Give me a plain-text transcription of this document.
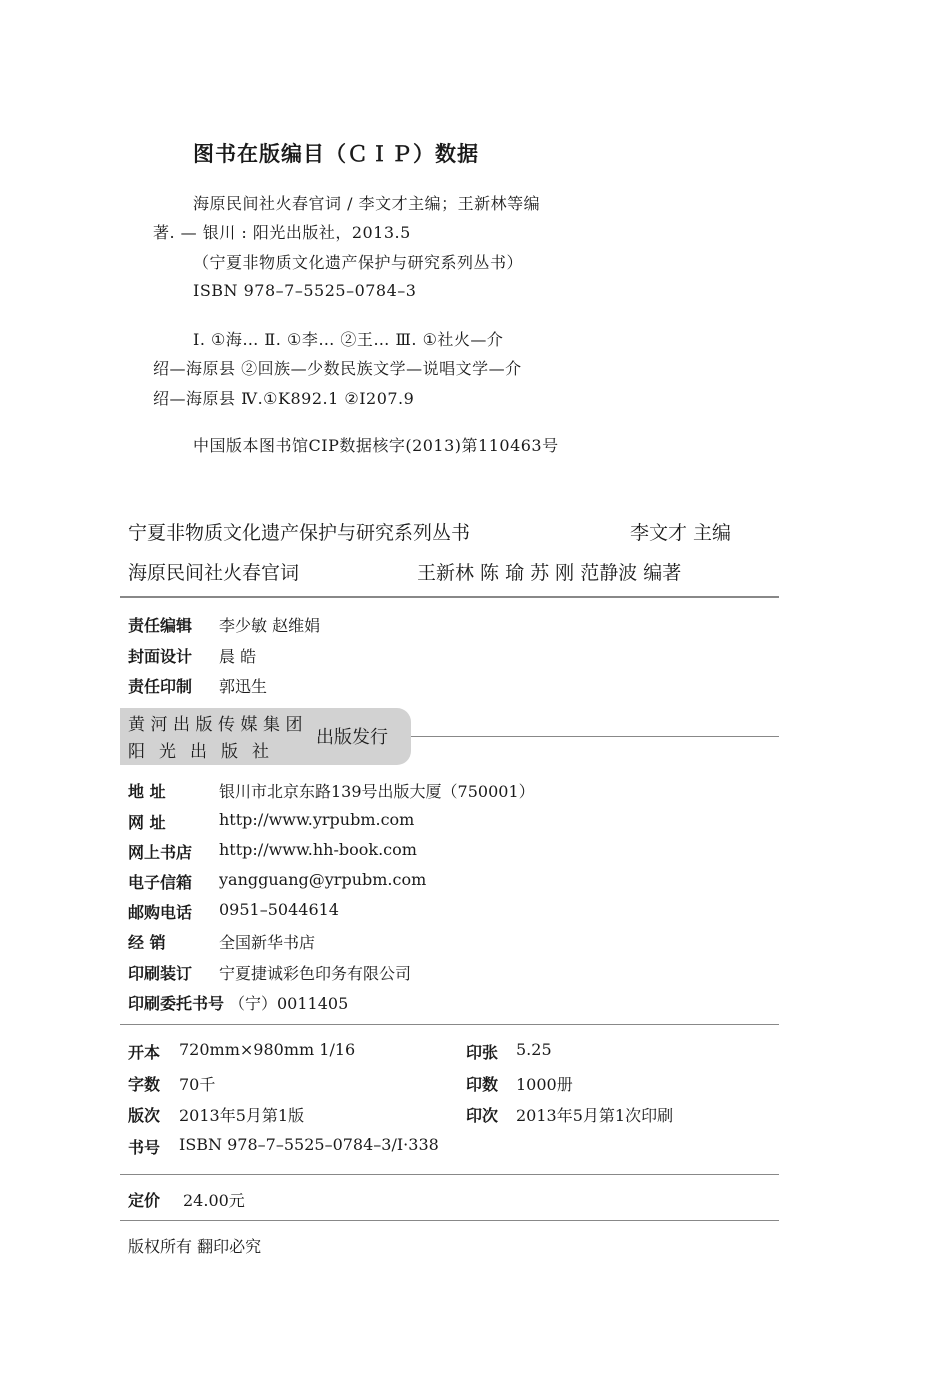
图书在版编目（ＣＩＰ）数据
海原民间社火春官词 / 李文才主编；王新林等编
著. — 银川 : 阳光出版社，2013.5
（宁夏非物质文化遗产保护与研究系列丛书）
ISBN 978–7–5525–0784–3
Ⅰ. ①海… Ⅱ. ①李… ②王… Ⅲ. ①社火—介
绍—海原县 ②回族—少数民族文学—说唱文学—介
绍—海原县 Ⅳ.①K892.1 ②I207.9
中国版本图书馆CIP数据核字(2013)第110463号
宁夏非物质文化遗产保护与研究系列丛书	李文才 主编
海原民间社火春官词	王新林 陈 瑜 苏 刚 范静波 编著
责任编辑 李少敏 赵维娟
封面设计 晨 皓
责任印制 郭迅生
黄河出版传媒集团
阳光出版社
出版发行
地 址	银川市北京东路139号出版大厦（750001）
网 址	http://www.yrpubm.com
网上书店 http://www.hh-book.com
电子信箱 yangguang@yrpubm.com
邮购电话 0951–5044614
经 销	全国新华书店
印刷装订 宁夏捷诚彩色印务有限公司
印刷委托书号 （宁）0011405
开本 720mm×980mm 1/16	印张 5.25
字数 70千	印数 1000册
版次 2013年5月第1版	印次 2013年5月第1次印刷
书号 ISBN 978–7–5525–0784–3/I·338
定价 24.00元
版权所有 翻印必究
